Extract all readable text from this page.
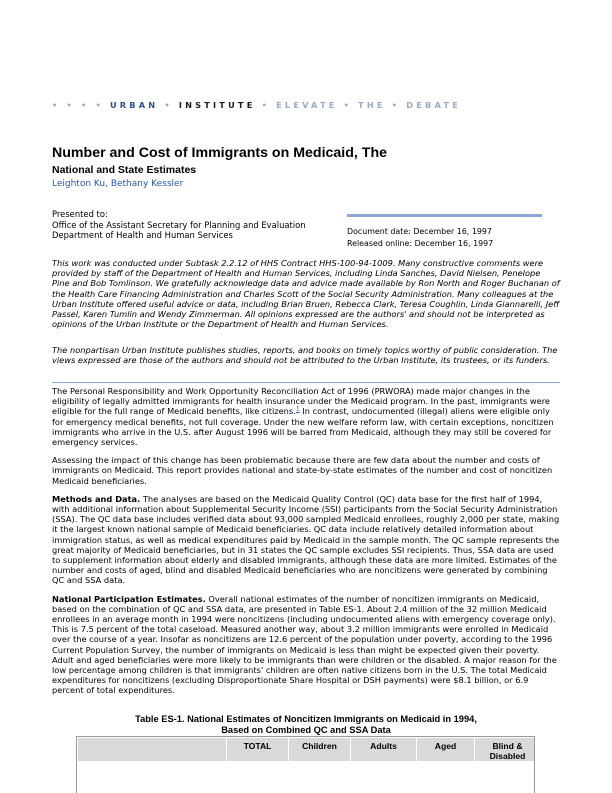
• • • • URBAN • INSTITUTE • ELEVATE • THE • DEBATE
Number and Cost of Immigrants on Medicaid, The
National and State Estimates
Leighton Ku, Bethany Kessler
Presented to:
Office of the Assistant Secretary for Planning and Evaluation
Department of Health and Human Services	Document date: December 16, 1997
Released online: December 16, 1997

This work was conducted under Subtask 2.2.12 of HHS Contract HHS-100-94-1009. Many constructive comments were provided by staff of the Department of Health and Human Services, including Linda Sanches, David Nielsen, Penelope Pine and Bob Tomlinson. We gratefully acknowledge data and advice made available by Ron North and Roger Buchanan of the Health Care Financing Administration and Charles Scott of the Social Security Administration. Many colleagues at the Urban Institute offered useful advice or data, including Brian Bruen, Rebecca Clark, Teresa Coughlin, Linda Giannarelli, Jeff Passel, Karen Tumlin and Wendy Zimmerman. All opinions expressed are the authors' and should not be interpreted as opinions of the Urban Institute or the Department of Health and Human Services.

The nonpartisan Urban Institute publishes studies, reports, and books on timely topics worthy of public consideration. The views expressed are those of the authors and should not be attributed to the Urban Institute, its trustees, or its funders.

The Personal Responsibility and Work Opportunity Reconciliation Act of 1996 (PRWORA) made major changes in the eligibility of legally admitted immigrants for health insurance under the Medicaid program. In the past, immigrants were eligible for the full range of Medicaid benefits, like citizens.$^1$ In contrast, undocumented (illegal) aliens were eligible only for emergency medical benefits, not full coverage. Under the new welfare reform law, with certain exceptions, noncitizen immigrants who arrive in the U.S. after August 1996 will be barred from Medicaid, although they may still be covered for emergency services.

Assessing the impact of this change has been problematic because there are few data about the number and costs of immigrants on Medicaid. This report provides national and state-by-state estimates of the number and cost of noncitizen Medicaid beneficiaries.

Methods and Data. The analyses are based on the Medicaid Quality Control (QC) data base for the first half of 1994, with additional information about Supplemental Security Income (SSI) participants from the Social Security Administration (SSA). The QC data base includes verified data about 93,000 sampled Medicaid enrollees, roughly 2,000 per state, making it the largest known national sample of Medicaid beneficiaries. QC data include relatively detailed information about immigration status, as well as medical expenditures paid by Medicaid in the sample month. The QC sample represents the great majority of Medicaid beneficiaries, but in 31 states the QC sample excludes SSI recipients. Thus, SSA data are used to supplement information about elderly and disabled immigrants, although these data are more limited. Estimates of the number and costs of aged, blind and disabled Medicaid beneficiaries who are noncitizens were generated by combining QC and SSA data.

National Participation Estimates. Overall national estimates of the number of noncitizen immigrants on Medicaid, based on the combination of QC and SSA data, are presented in Table ES-1. About 2.4 million of the 32 million Medicaid enrollees in an average month in 1994 were noncitizens (including undocumented aliens with emergency coverage only). This is 7.5 percent of the total caseload. Measured another way, about 3.2 million immigrants were enrolled in Medicaid over the course of a year. Insofar as noncitizens are 12.6 percent of the population under poverty, according to the 1996 Current Population Survey, the number of immigrants on Medicaid is less than might be expected given their poverty. Adult and aged beneficiaries were more likely to be immigrants than were children or the disabled. A major reason for the low percentage among children is that immigrants' children are often native citizens born in the U.S. The total Medicaid expenditures for noncitizens (excluding Disproportionate Share Hospital or DSH payments) were $8.1 billion, or 6.9 percent of total expenditures.

Table ES-1. National Estimates of Noncitizen Immigrants on Medicaid in 1994,
Based on Combined QC and SSA Data
	TOTAL	Children	Adults	Aged	Blind & Disabled
